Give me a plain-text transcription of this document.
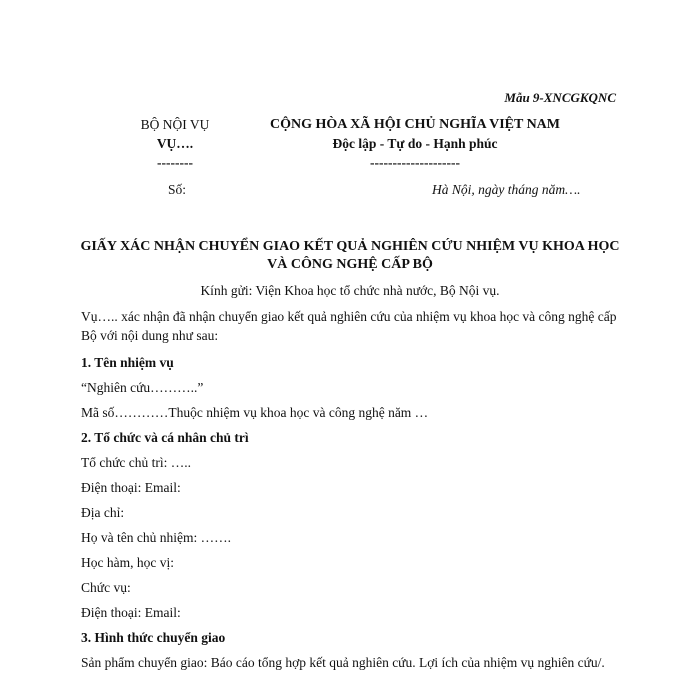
Mẫu 9-XNCGKQNC
BỘ NỘI VỤ
VỤ….
--------
CỘNG HÒA XÃ HỘI CHỦ NGHĨA VIỆT NAM
Độc lập - Tự do - Hạnh phúc
--------------------
Số:	Hà Nội, ngày tháng năm….
GIẤY XÁC NHẬN CHUYỂN GIAO KẾT QUẢ NGHIÊN CỨU NHIỆM VỤ KHOA HỌC
VÀ CÔNG NGHỆ CẤP BỘ
Kính gửi: Viện Khoa học tổ chức nhà nước, Bộ Nội vụ.

Vụ….. xác nhận đã nhận chuyển giao kết quả nghiên cứu của nhiệm vụ khoa học và công nghệ cấp Bộ với nội dung như sau:

1. Tên nhiệm vụ
“Nghiên cứu………..”
Mã số…………Thuộc nhiệm vụ khoa học và công nghệ năm …
2. Tổ chức và cá nhân chủ trì
Tổ chức chủ trì: …..
Điện thoại: Email:
Địa chỉ:
Họ và tên chủ nhiệm: …….
Học hàm, học vị:
Chức vụ:
Điện thoại: Email:
3. Hình thức chuyển giao
Sản phẩm chuyển giao: Báo cáo tổng hợp kết quả nghiên cứu. Lợi ích của nhiệm vụ nghiên cứu/.
